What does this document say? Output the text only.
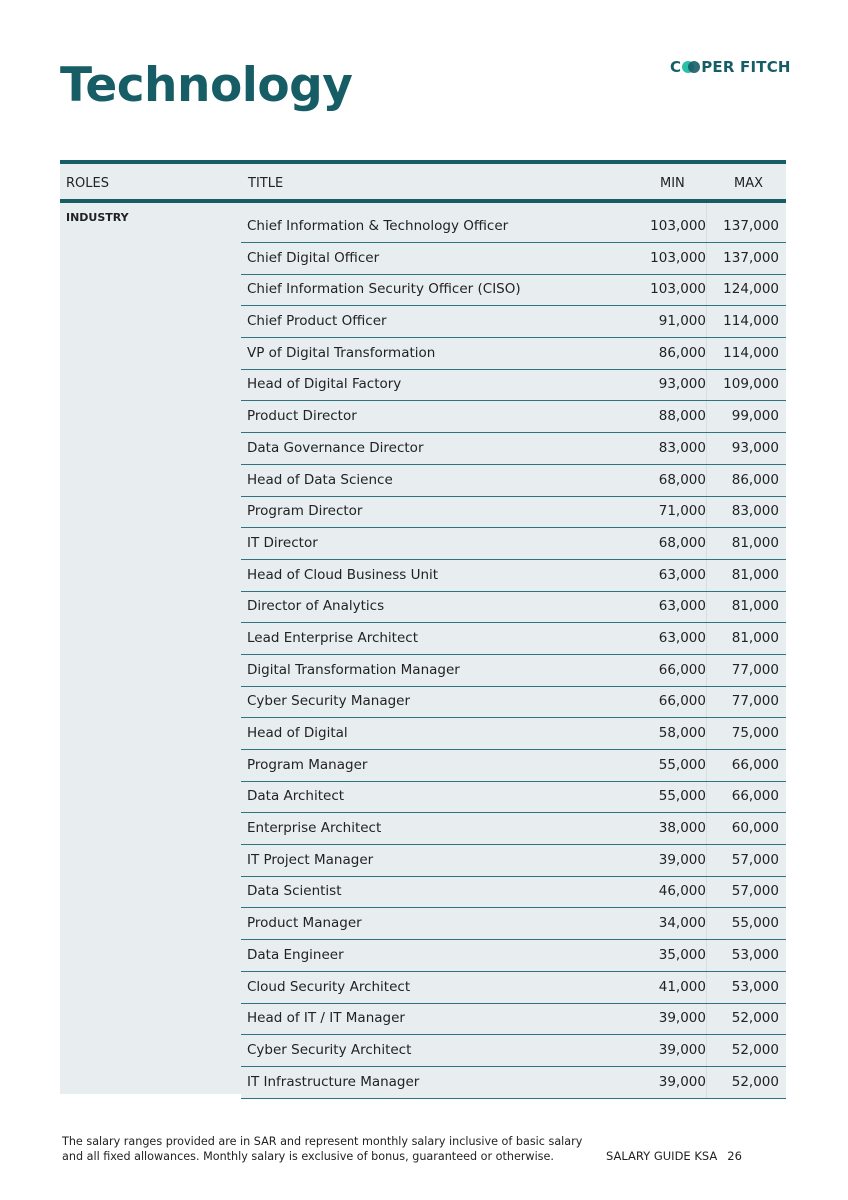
Technology	C PER FITCH
ROLES	TITLE	MIN	MAX
INDUSTRY
Chief Information & Technology Officer	103,000 137,000
Chief Digital Officer	103,000 137,000
Chief Information Security Officer (CISO)	103,000 124,000
Chief Product Officer	91,000 114,000
VP of Digital Transformation	86,000 114,000
Head of Digital Factory	93,000 109,000
Product Director	88,000 99,000
Data Governance Director	83,000 93,000
Head of Data Science	68,000 86,000
Program Director	71,000 83,000
IT Director	68,000 81,000
Head of Cloud Business Unit	63,000 81,000
Director of Analytics	63,000 81,000
Lead Enterprise Architect	63,000 81,000
Digital Transformation Manager	66,000 77,000
Cyber Security Manager	66,000 77,000
Head of Digital	58,000 75,000
Program Manager	55,000 66,000
Data Architect	55,000 66,000
Enterprise Architect	38,000 60,000
IT Project Manager	39,000 57,000
Data Scientist	46,000 57,000
Product Manager	34,000 55,000
Data Engineer	35,000 53,000
Cloud Security Architect	41,000 53,000
Head of IT / IT Manager	39,000 52,000
Cyber Security Architect	39,000 52,000
IT Infrastructure Manager	39,000 52,000
The salary ranges provided are in SAR and represent monthly salary inclusive of basic salary
and all fixed allowances. Monthly salary is exclusive of bonus, guaranteed or otherwise.	SALARY GUIDE KSA 26
